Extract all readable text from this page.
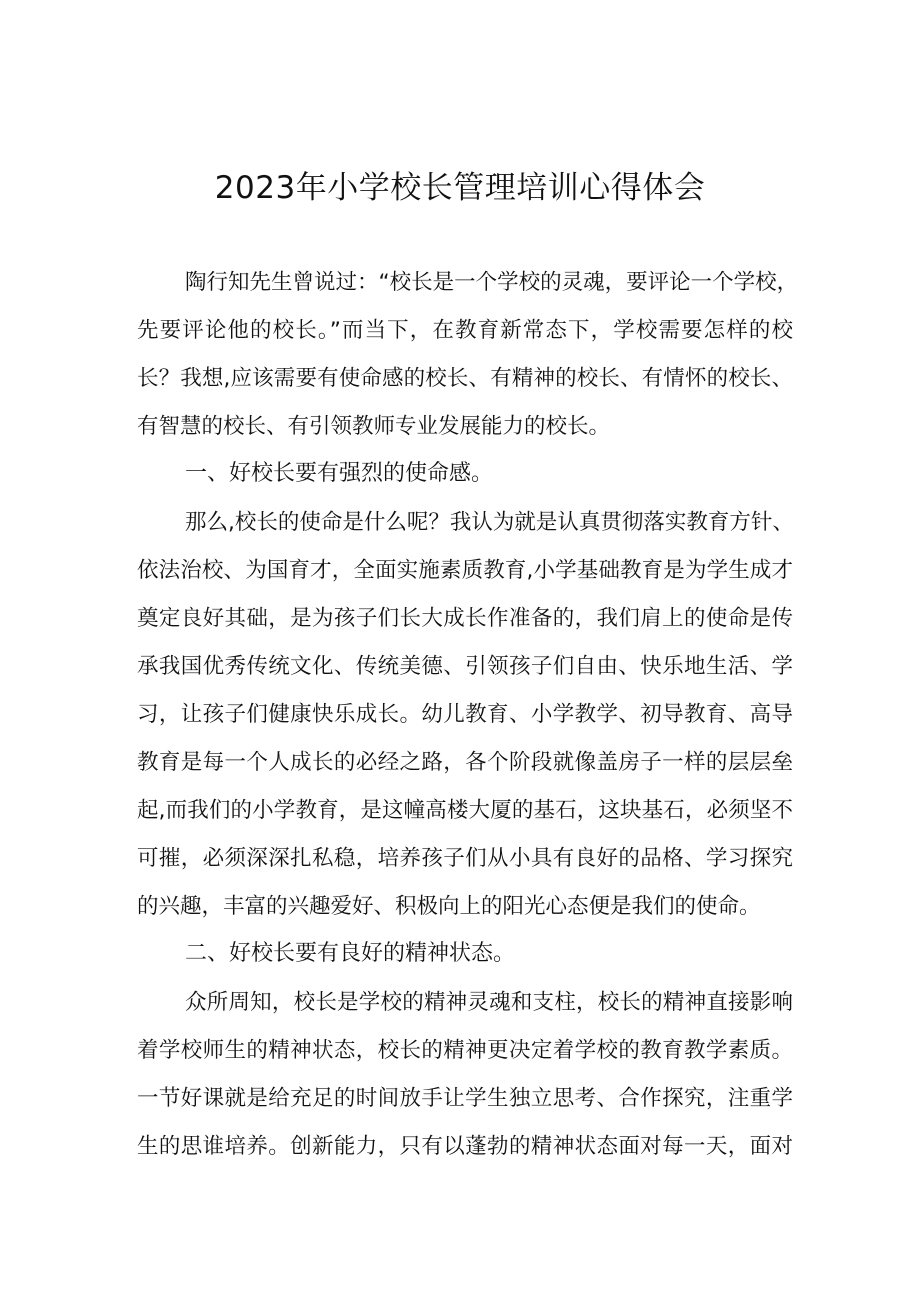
2023年小学校长管理培训心得体会
陶行知先生曾说过：“校长是一个学校的灵魂，要评论一个学校，
先要评论他的校长。”而当下，在教育新常态下，学校需要怎样的校
长？我想,应该需要有使命感的校长、有精神的校长、有情怀的校长、
有智慧的校长、有引领教师专业发展能力的校长。
一、好校长要有强烈的使命感。
那么,校长的使命是什么呢？我认为就是认真贯彻落实教育方针、
依法治校、为国育才，全面实施素质教育,小学基础教育是为学生成才
奠定良好其础，是为孩子们长大成长作准备的，我们肩上的使命是传
承我国优秀传统文化、传统美德、引领孩子们自由、快乐地生活、学
习，让孩子们健康快乐成长。幼儿教育、小学教学、初导教育、高导
教育是每一个人成长的必经之路，各个阶段就像盖房子一样的层层垒
起,而我们的小学教育，是这幢高楼大厦的基石，这块基石，必须坚不
可摧，必须深深扎私稳，培养孩子们从小具有良好的品格、学习探究
的兴趣，丰富的兴趣爱好、积极向上的阳光心态便是我们的使命。
二、好校长要有良好的精神状态。
众所周知，校长是学校的精神灵魂和支柱，校长的精神直接影响
着学校师生的精神状态，校长的精神更决定着学校的教育教学素质。
一节好课就是给充足的时间放手让学生独立思考、合作探究，注重学
生的思谁培养。创新能力，只有以蓬勃的精神状态面对每一天，面对
